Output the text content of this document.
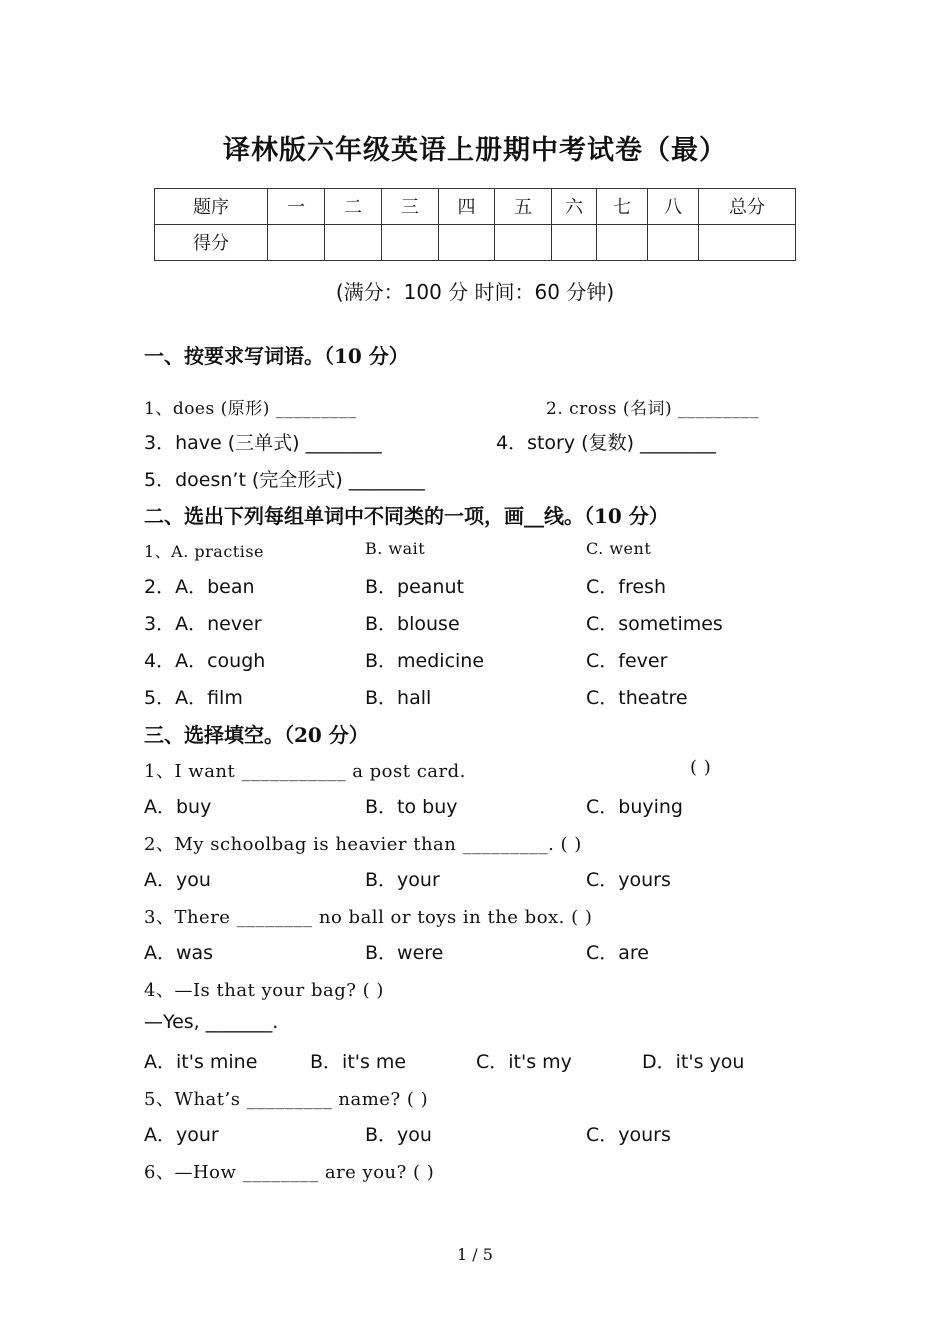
译林版六年级英语上册期中考试卷（最）
题序	一	二	三	四	五	六	七	八	总分
得分									
(满分：100 分 时间：60 分钟)
一、按要求写词语。（10 分）
1、does (原形) _________	2. cross (名词) _________
3．have (三单式) ________	4．story (复数) ________
5．doesn’t (完全形式) ________
二、选出下列每组单词中不同类的一项，画__线。（10 分）
1、A. practise	B. wait	C. went
2．A．bean	B．peanut	C．fresh
3．A．never	B．blouse	C．sometimes
4．A．cough	B．medicine	C．fever
5．A．film	B．hall	C．theatre
三、选择填空。（20 分）
1、I want ___________ a post card.	( )
A．buy	B．to buy	C．buying
2、My schoolbag is heavier than _________. ( )
A．you	B．your	C．yours
3、There ________ no ball or toys in the box. ( )
A．was	B．were	C．are
4、—Is that your bag? ( )
—Yes, _______.
A．it's mine	B．it's me	C．it's my	D．it's you
5、What’s _________ name? ( )
A．your	B．you	C．yours
6、—How ________ are you? ( )
1 / 5
